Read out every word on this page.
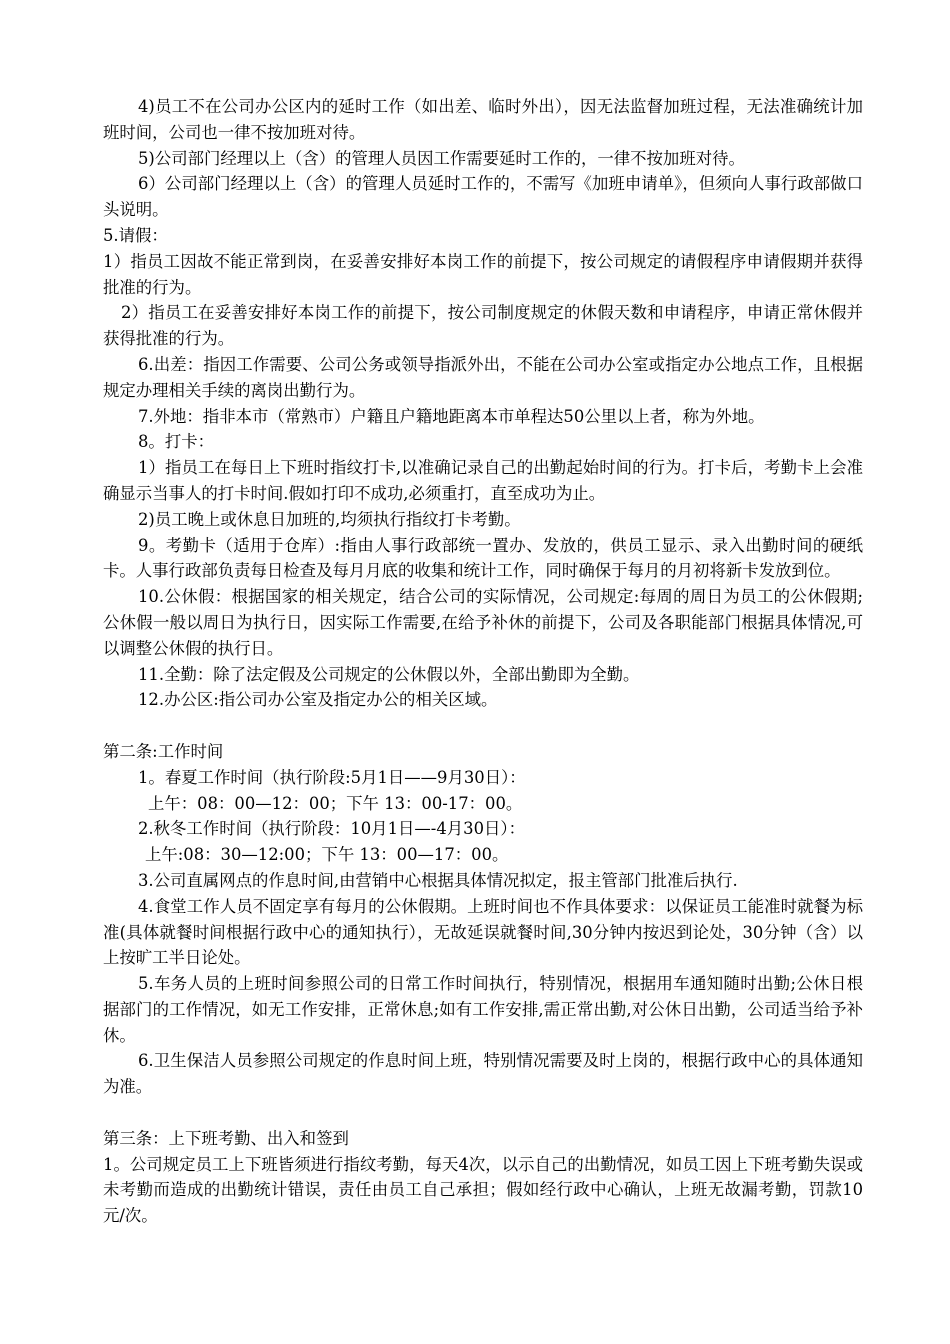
4)员工不在公司办公区内的延时工作（如出差、临时外出），因无法监督加班过程，无法准确统计加班时间，公司也一律不按加班对待。

5)公司部门经理以上（含）的管理人员因工作需要延时工作的，一律不按加班对待。

6）公司部门经理以上（含）的管理人员延时工作的，不需写《加班申请单》，但须向人事行政部做口头说明。

5.请假：

1）指员工因故不能正常到岗，在妥善安排好本岗工作的前提下，按公司规定的请假程序申请假期并获得批准的行为。

2）指员工在妥善安排好本岗工作的前提下，按公司制度规定的休假天数和申请程序，申请正常休假并获得批准的行为。

6.出差：指因工作需要、公司公务或领导指派外出，不能在公司办公室或指定办公地点工作，且根据规定办理相关手续的离岗出勤行为。

7.外地：指非本市（常熟市）户籍且户籍地距离本市单程达50公里以上者，称为外地。

8。打卡：

1）指员工在每日上下班时指纹打卡,以准确记录自己的出勤起始时间的行为。打卡后，考勤卡上会准确显示当事人的打卡时间.假如打印不成功,必须重打，直至成功为止。

2)员工晚上或休息日加班的,均须执行指纹打卡考勤。

9。考勤卡（适用于仓库）:指由人事行政部统一置办、发放的，供员工显示、录入出勤时间的硬纸卡。人事行政部负责每日检查及每月月底的收集和统计工作，同时确保于每月的月初将新卡发放到位。

10.公休假：根据国家的相关规定，结合公司的实际情况，公司规定:每周的周日为员工的公休假期;公休假一般以周日为执行日，因实际工作需要,在给予补休的前提下，公司及各职能部门根据具体情况,可以调整公休假的执行日。

11.全勤：除了法定假及公司规定的公休假以外，全部出勤即为全勤。

12.办公区:指公司办公室及指定办公的相关区域。

第二条:工作时间

1。春夏工作时间（执行阶段:5月1日——9月30日）：

上午：08：00—12：00；下午 13：00-17：00。

2.秋冬工作时间（执行阶段：10月1日—-4月30日）：

上午:08：30—12:00；下午 13：00—17：00。

3.公司直属网点的作息时间,由营销中心根据具体情况拟定，报主管部门批准后执行.

4.食堂工作人员不固定享有每月的公休假期。上班时间也不作具体要求：以保证员工能准时就餐为标准(具体就餐时间根据行政中心的通知执行），无故延误就餐时间,30分钟内按迟到论处，30分钟（含）以上按旷工半日论处。

5.车务人员的上班时间参照公司的日常工作时间执行，特别情况，根据用车通知随时出勤;公休日根据部门的工作情况，如无工作安排，正常休息;如有工作安排,需正常出勤,对公休日出勤，公司适当给予补休。

6.卫生保洁人员参照公司规定的作息时间上班，特别情况需要及时上岗的，根据行政中心的具体通知为准。

第三条：上下班考勤、出入和签到

1。公司规定员工上下班皆须进行指纹考勤，每天4次，以示自己的出勤情况，如员工因上下班考勤失误或未考勤而造成的出勤统计错误，责任由员工自己承担；假如经行政中心确认，上班无故漏考勤，罚款10元/次。
